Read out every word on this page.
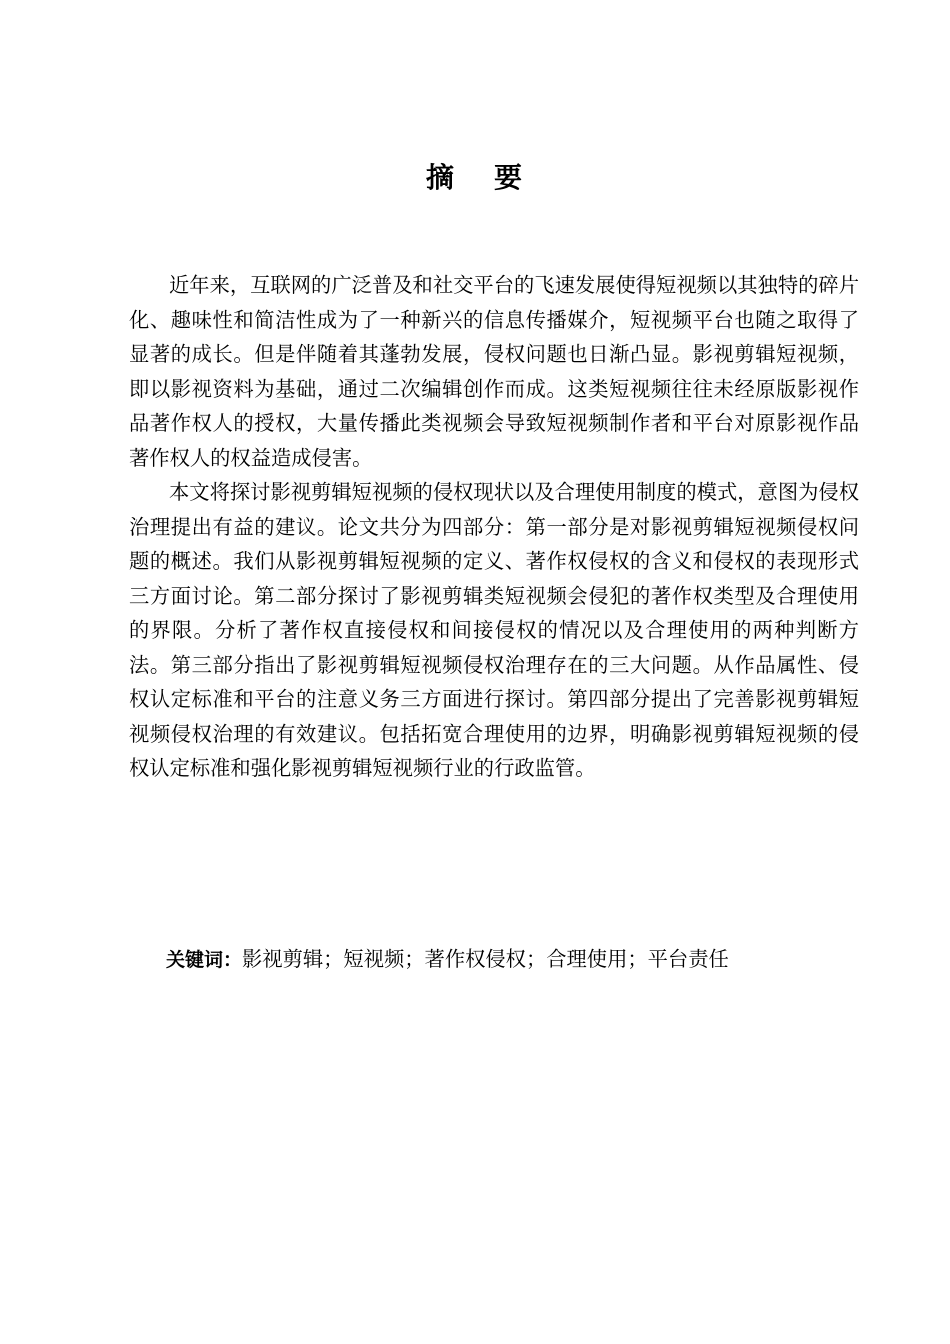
摘 要

近年来，互联网的广泛普及和社交平台的飞速发展使得短视频以其独特的碎片化、趣味性和简洁性成为了一种新兴的信息传播媒介，短视频平台也随之取得了显著的成长。但是伴随着其蓬勃发展，侵权问题也日渐凸显。影视剪辑短视频，即以影视资料为基础，通过二次编辑创作而成。这类短视频往往未经原版影视作品著作权人的授权，大量传播此类视频会导致短视频制作者和平台对原影视作品著作权人的权益造成侵害。

本文将探讨影视剪辑短视频的侵权现状以及合理使用制度的模式，意图为侵权治理提出有益的建议。论文共分为四部分：第一部分是对影视剪辑短视频侵权问题的概述。我们从影视剪辑短视频的定义、著作权侵权的含义和侵权的表现形式三方面讨论。第二部分探讨了影视剪辑类短视频会侵犯的著作权类型及合理使用的界限。分析了著作权直接侵权和间接侵权的情况以及合理使用的两种判断方法。第三部分指出了影视剪辑短视频侵权治理存在的三大问题。从作品属性、侵权认定标准和平台的注意义务三方面进行探讨。第四部分提出了完善影视剪辑短视频侵权治理的有效建议。包括拓宽合理使用的边界，明确影视剪辑短视频的侵权认定标准和强化影视剪辑短视频行业的行政监管。

关键词：影视剪辑；短视频；著作权侵权；合理使用；平台责任
